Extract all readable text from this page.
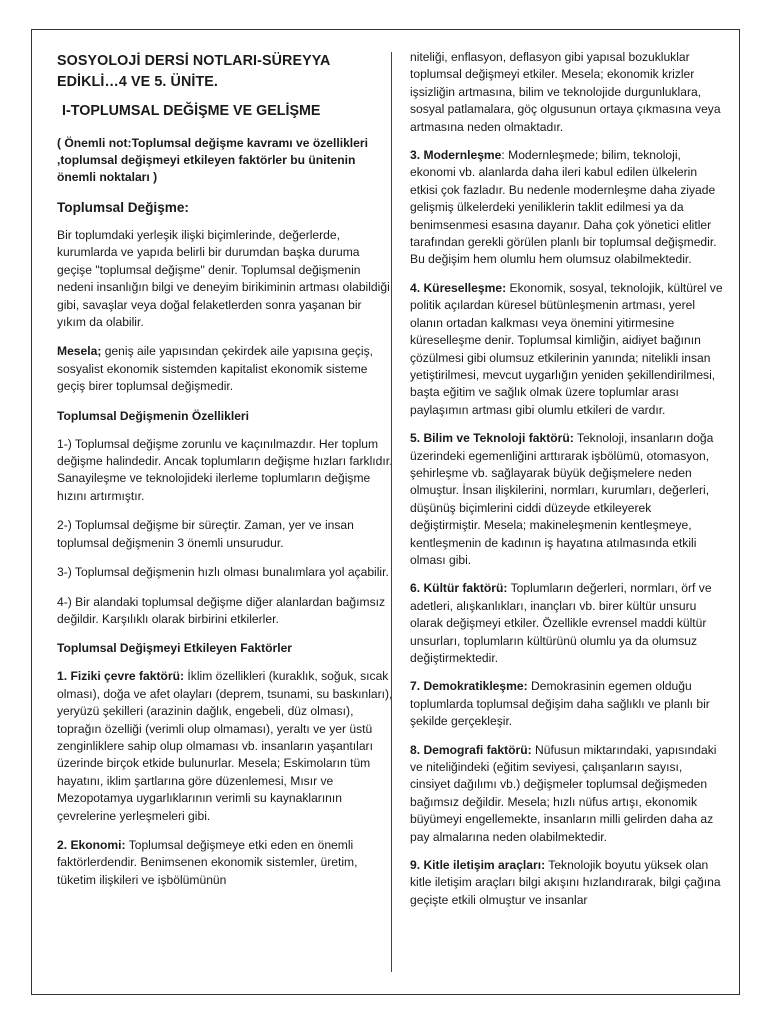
SOSYOLOJİ DERSİ NOTLARI-SÜREYYA EDİKLİ…4 VE 5. ÜNİTE.
I-TOPLUMSAL DEĞİŞME VE GELİŞME
( Önemli not:Toplumsal değişme kavramı ve özellikleri ,toplumsal değişmeyi etkileyen faktörler bu ünitenin önemli noktaları )
Toplumsal Değişme:

Bir toplumdaki yerleşik ilişki biçimlerinde, değerlerde, kurumlarda ve yapıda belirli bir durumdan başka duruma geçişe "toplumsal değişme" denir. Toplumsal değişmenin nedeni insanlığın bilgi ve deneyim birikiminin artması olabildiği gibi, savaşlar veya doğal felaketlerden sonra yaşanan bir yıkım da olabilir.

Mesela; geniş aile yapısından çekirdek aile yapısına geçiş, sosyalist ekonomik sistemden kapitalist ekonomik sisteme geçiş birer toplumsal değişmedir.

Toplumsal Değişmenin Özellikleri

1-) Toplumsal değişme zorunlu ve kaçınılmazdır. Her toplum değişme halindedir. Ancak toplumların değişme hızları farklıdır. Sanayileşme ve teknolojideki ilerleme toplumların değişme hızını artırmıştır.

2-) Toplumsal değişme bir süreçtir. Zaman, yer ve insan toplumsal değişmenin 3 önemli unsurudur.

3-) Toplumsal değişmenin hızlı olması bunalımlara yol açabilir.

4-) Bir alandaki toplumsal değişme diğer alanlardan bağımsız değildir. Karşılıklı olarak birbirini etkilerler.

Toplumsal Değişmeyi Etkileyen Faktörler

1. Fiziki çevre faktörü: İklim özellikleri (kuraklık, soğuk, sıcak olması), doğa ve afet olayları (deprem, tsunami, su baskınları), yeryüzü şekilleri (arazinin dağlık, engebeli, düz olması), toprağın özelliği (verimli olup olmaması), yeraltı ve yer üstü zenginliklere sahip olup olmaması vb. insanların yaşantıları üzerinde birçok etkide bulunurlar. Mesela; Eskimoların tüm hayatını, iklim şartlarına göre düzenlemesi, Mısır ve Mezopotamya uygarlıklarının verimli su kaynaklarının çevrelerine yerleşmeleri gibi.

2. Ekonomi: Toplumsal değişmeye etki eden en önemli faktörlerdendir. Benimsenen ekonomik sistemler, üretim, tüketim ilişkileri ve işbölümünün

niteliği, enflasyon, deflasyon gibi yapısal bozukluklar toplumsal değişmeyi etkiler. Mesela; ekonomik krizler işsizliğin artmasına, bilim ve teknolojide durgunluklara, sosyal patlamalara, göç olgusunun ortaya çıkmasına veya artmasına neden olmaktadır.

3. Modernleşme: Modernleşmede; bilim, teknoloji, ekonomi vb. alanlarda daha ileri kabul edilen ülkelerin etkisi çok fazladır. Bu nedenle modernleşme daha ziyade gelişmiş ülkelerdeki yeniliklerin taklit edilmesi ya da benimsenmesi esasına dayanır. Daha çok yönetici elitler tarafından gerekli görülen planlı bir toplumsal değişmedir. Bu değişim hem olumlu hem olumsuz olabilmektedir.

4. Küreselleşme: Ekonomik, sosyal, teknolojik, kültürel ve politik açılardan küresel bütünleşmenin artması, yerel olanın ortadan kalkması veya önemini yitirmesine küreselleşme denir. Toplumsal kimliğin, aidiyet bağının çözülmesi gibi olumsuz etkilerinin yanında; nitelikli insan yetiştirilmesi, mevcut uygarlığın yeniden şekillendirilmesi, başta eğitim ve sağlık olmak üzere toplumlar arası paylaşımın artması gibi olumlu etkileri de vardır.

5. Bilim ve Teknoloji faktörü: Teknoloji, insanların doğa üzerindeki egemenliğini arttırarak işbölümü, otomasyon, şehirleşme vb. sağlayarak büyük değişmelere neden olmuştur. İnsan ilişkilerini, normları, kurumları, değerleri, düşünüş biçimlerini ciddi düzeyde etkileyerek değiştirmiştir. Mesela; makineleşmenin kentleşmeye, kentleşmenin de kadının iş hayatına atılmasında etkili olması gibi.

6. Kültür faktörü: Toplumların değerleri, normları, örf ve adetleri, alışkanlıkları, inançları vb. birer kültür unsuru olarak değişmeyi etkiler. Özellikle evrensel maddi kültür unsurları, toplumların kültürünü olumlu ya da olumsuz değiştirmektedir.

7. Demokratikleşme: Demokrasinin egemen olduğu toplumlarda toplumsal değişim daha sağlıklı ve planlı bir şekilde gerçekleşir.

8. Demografi faktörü: Nüfusun miktarındaki, yapısındaki ve niteliğindeki (eğitim seviyesi, çalışanların sayısı, cinsiyet dağılımı vb.) değişmeler toplumsal değişmeden bağımsız değildir. Mesela; hızlı nüfus artışı, ekonomik büyümeyi engellemekte, insanların milli gelirden daha az pay almalarına neden olabilmektedir.

9. Kitle iletişim araçları: Teknolojik boyutu yüksek olan kitle iletişim araçları bilgi akışını hızlandırarak, bilgi çağına geçişte etkili olmuştur ve insanlar
